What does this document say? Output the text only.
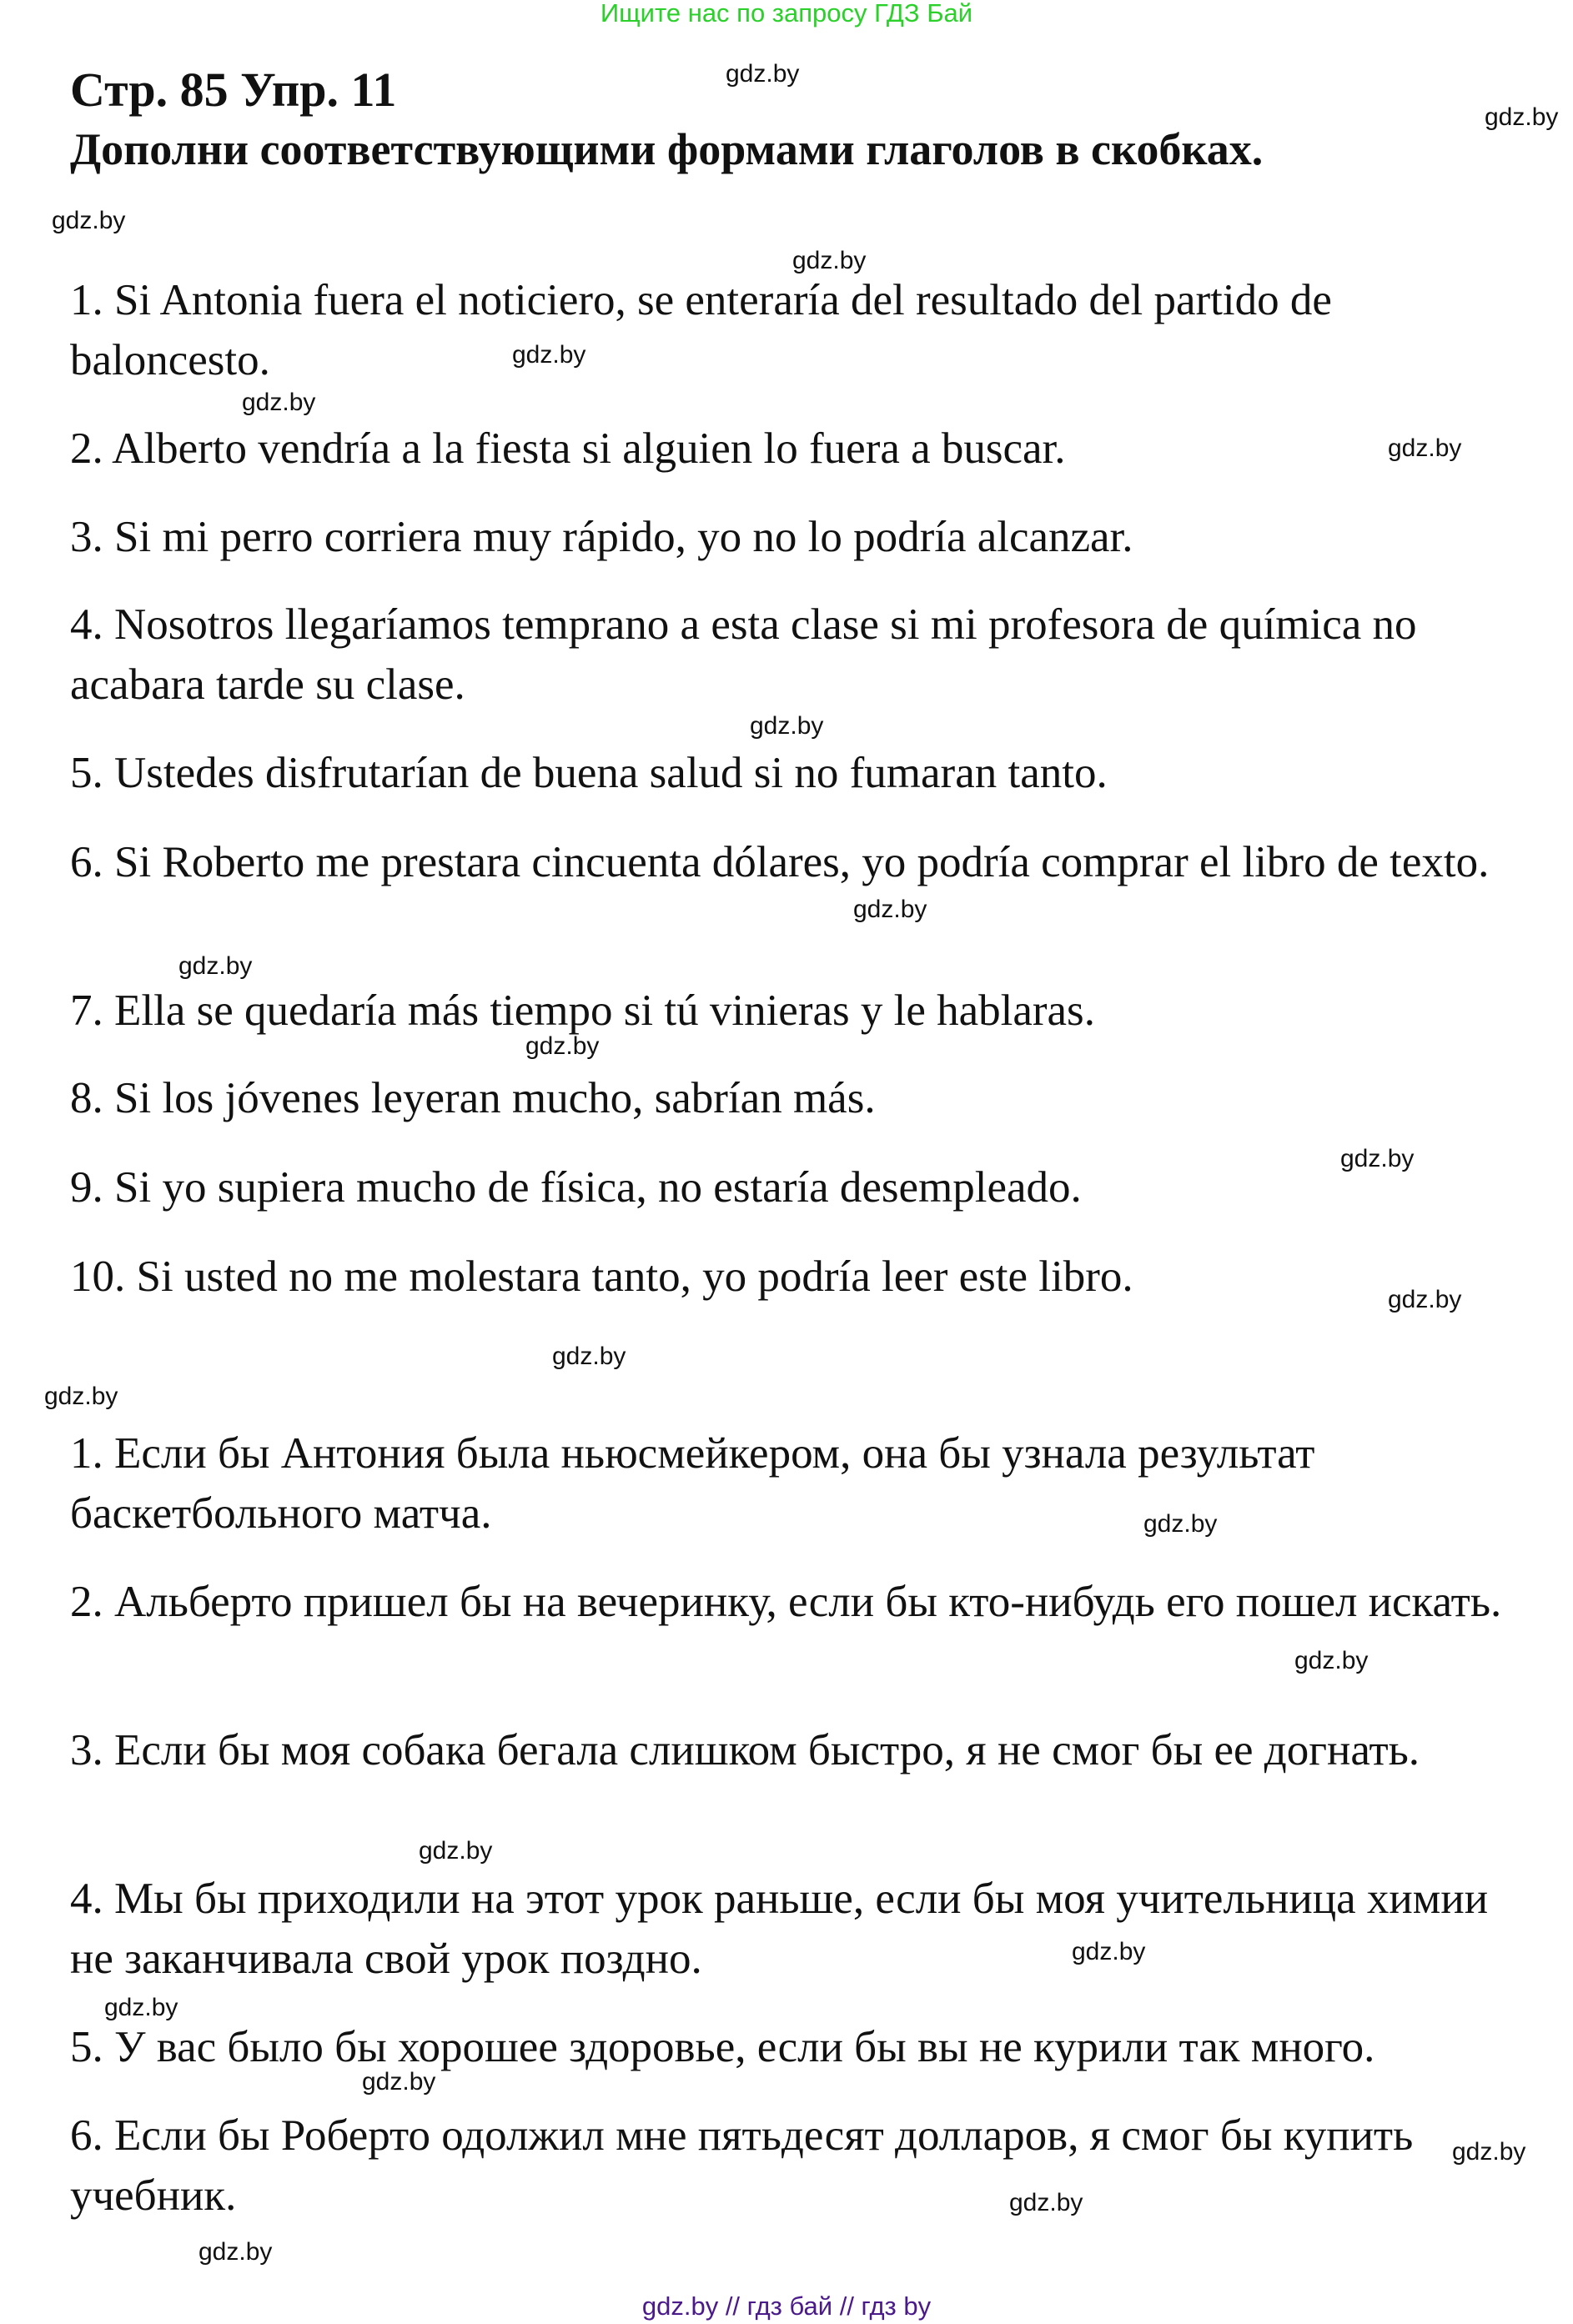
Ищите нас по запросу ГДЗ Бай
Стр. 85 Упр. 11
Дополни соответствующими формами глаголов в скобках.
1. Si Antonia fuera el noticiero, se enteraría del resultado del partido de baloncesto.
2. Alberto vendría a la fiesta si alguien lo fuera a buscar.
3. Si mi perro corriera muy rápido, yo no lo podría alcanzar.
4. Nosotros llegaríamos temprano a esta clase si mi profesora de química no acabara tarde su clase.
5. Ustedes disfrutarían de buena salud si no fumaran tanto.
6. Si Roberto me prestara cincuenta dólares, yo podría comprar el libro de texto.
7. Ella se quedaría más tiempo si tú vinieras y le hablaras.
8. Si los jóvenes leyeran mucho, sabrían más.
9. Si yo supiera mucho de física, no estaría desempleado.
10. Si usted no me molestara tanto, yo podría leer este libro.
1. Если бы Антония была ньюсмейкером, она бы узнала результат баскетбольного матча.
2. Альберто пришел бы на вечеринку, если бы кто-нибудь его пошел искать.
3. Если бы моя собака бегала слишком быстро, я не смог бы ее догнать.
4. Мы бы приходили на этот урок раньше, если бы моя учительница химии не заканчивала свой урок поздно.
5. У вас было бы хорошее здоровье, если бы вы не курили так много.
6. Если бы Роберто одолжил мне пятьдесят долларов, я смог бы купить учебник.
gdz.by
gdz.by
gdz.by
gdz.by
gdz.by
gdz.by
gdz.by
gdz.by
gdz.by
gdz.by
gdz.by
gdz.by
gdz.by
gdz.by
gdz.by
gdz.by
gdz.by
gdz.by
gdz.by
gdz.by
gdz.by
gdz.by
gdz.by
gdz.by
gdz.by // гдз бай // гдз by
